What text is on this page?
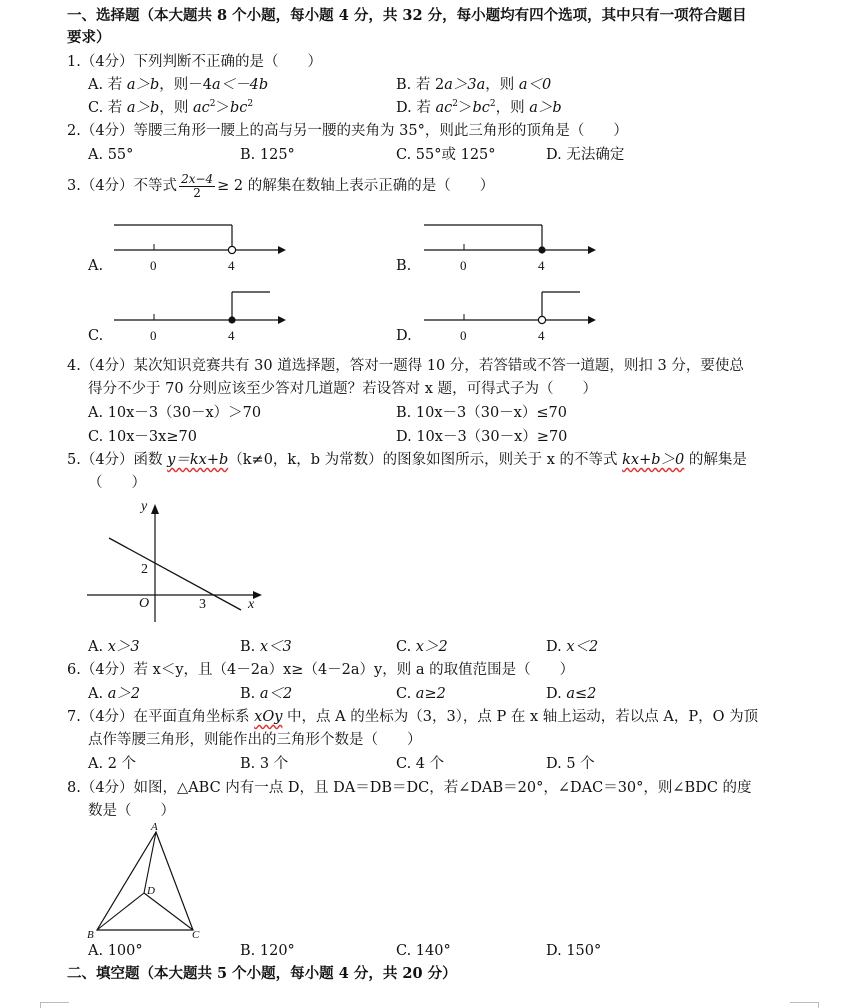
一、选择题（本大题共 8 个小题，每小题 4 分，共 32 分，每小题均有四个选项，其中只有一项符合题目
要求）
1.（4分）下列判断不正确的是（　　）
A. 若 a＞b，则－4a＜－4b	B. 若 2a＞3a，则 a＜0
C. 若 a＞b，则 $ac^2>bc^2$	D. 若 $ac^2>bc^2$，则 a＞b
2.（4分）等腰三角形一腰上的高与另一腰的夹角为 35°，则此三角形的顶角是（　　）
A. 55°	B. 125°	C. 55°或 125°	D. 无法确定
3.（4分）不等式 $\frac{2x-4}{2} \ge 2$ 的解集在数轴上表示正确的是（　　）
A.	B.
C.	D.
0	4	0	4
0	4	0	4
4.（4分）某次知识竞赛共有 30 道选择题，答对一题得 10 分，若答错或不答一道题，则扣 3 分，要使总
得分不少于 70 分则应该至少答对几道题？若设答对 x 题，可得式子为（　　）
A. 10x－3（30－x）＞70	B. 10x－3（30－x）≤70
C. 10x－3x≥70	D. 10x－3（30－x）≥70
5.（4分）函数 y＝kx+b（k≠0，k，b 为常数）的图象如图所示，则关于 x 的不等式 kx+b＞0 的解集是
（　　）
y
x
O
2
3
A. x＞3	B. x＜3	C. x＞2	D. x＜2
6.（4分）若 x＜y，且（4－2a）x≥（4－2a）y，则 a 的取值范围是（　　）
A. a＞2	B. a＜2	C. a≥2	D. a≤2
7.（4分）在平面直角坐标系 xOy 中，点 A 的坐标为（3，3），点 P 在 x 轴上运动，若以点 A，P，O 为顶
点作等腰三角形，则能作出的三角形个数是（　　）
A. 2 个	B. 3 个	C. 4 个	D. 5 个
8.（4分）如图，△ABC 内有一点 D，且 DA＝DB＝DC，若∠DAB＝20°，∠DAC＝30°，则∠BDC 的度
数是（　　）
A
B	C
D
A. 100°	B. 120°	C. 140°	D. 150°
二、填空题（本大题共 5 个小题，每小题 4 分，共 20 分）
